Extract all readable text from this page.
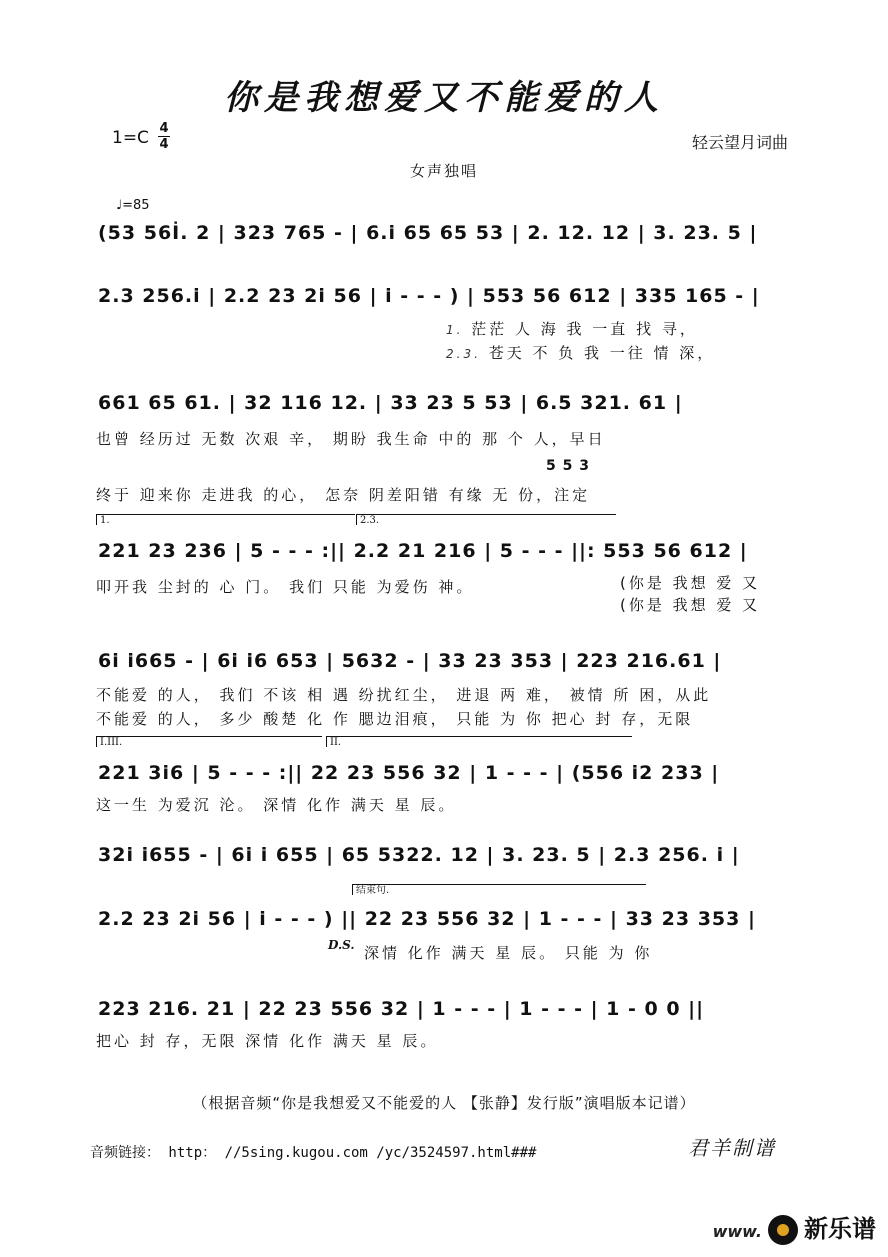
你是我想爱又不能爱的人
1=C 4
4	轻云望月词曲
女声独唱
♩=85
(53 56İ. 2 | 323 765 - | 6.i 65 65 53 | 2. 12. 12 | 3. 23. 5 |
2.3 256.i | 2.2 23 2i 56 | i - - - ) | 553 56 612 | 335 165 - |
1. 茫茫 人 海 我 一直 找 寻，
2.3. 苍天 不 负 我 一往 情 深，
661 65 61. | 32 116 12. | 33 23 5 53 | 6.5 321. 61 |
也曾 经历过 无数 次艰 辛， 期盼 我生命 中的 那 个 人，早日
5 5 3
终于 迎来你 走进我 的心， 怎奈 阴差阳错 有缘 无 份，注定
1.	2.3.
221 23 236 | 5 - - - :|| 2.2 21 216 | 5 - - - ||: 553 56 612 |
叩开我 尘封的 心 门。 我们 只能 为爱伤 神。	(你是 我想 爱 又
(你是 我想 爱 又
6i i665 - | 6i i6 653 | 5632 - | 33 23 353 | 223 216.61 |
不能爱 的人， 我们 不该 相 遇 纷扰红尘， 进退 两 难， 被情 所 困，从此
不能爱 的人， 多少 酸楚 化 作 腮边泪痕， 只能 为 你 把心 封 存，无限
I.III.	II.
221 3i6 | 5 - - - :|| 22 23 556 32 | 1 - - - | (556 i2 233 |
这一生 为爱沉 沦。 深情 化作 满天 星 辰。
32i i655 - | 6i i 655 | 65 5322. 12 | 3. 23. 5 | 2.3 256. i |
结束句.
2.2 23 2i 56 | i - - - ) || 22 23 556 32 | 1 - - - | 33 23 353 |
D.S. 深情 化作 满天 星 辰。 只能 为 你
223 216. 21 | 22 23 556 32 | 1 - - - | 1 - - - | 1 - 0 0 ||
把心 封 存，无限 深情 化作 满天 星 辰。
（根据音频“你是我想爱又不能爱的人 【张静】发行版”演唱版本记谱）
音频链接： http： //5sing.kugou.com /yc/3524597.html###	君羊制谱
www. 新乐谱
